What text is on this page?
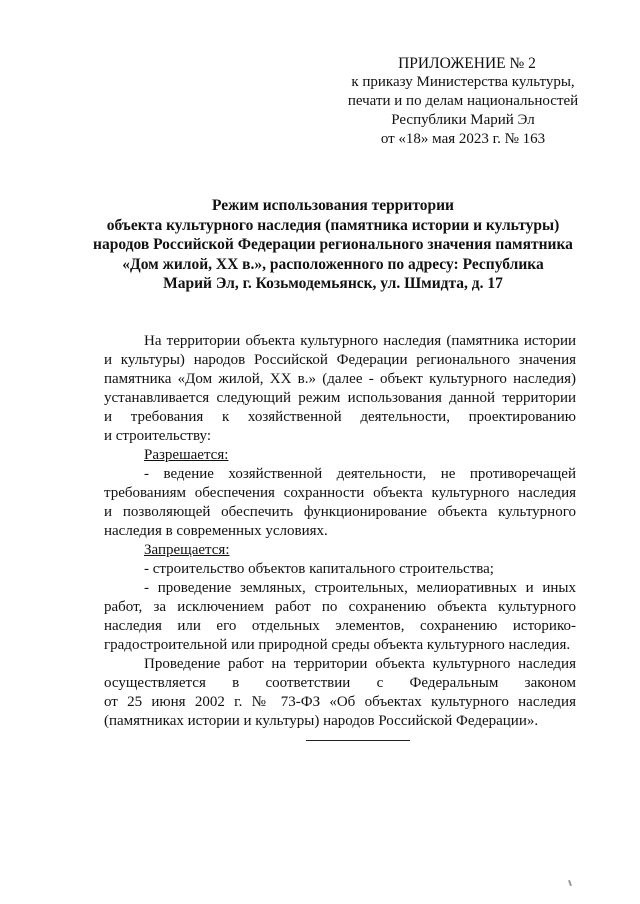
ПРИЛОЖЕНИЕ № 2
к приказу Министерства культуры,
печати и по делам национальностей
Республики Марий Эл
от «18» мая 2023 г. № 163
Режим использования территории
объекта культурного наследия (памятника истории и культуры)
народов Российской Федерации регионального значения памятника
«Дом жилой, XX в.», расположенного по адресу: Республика
Марий Эл, г. Козьмодемьянск, ул. Шмидта, д. 17
На территории объекта культурного наследия (памятника истории
и культуры) народов Российской Федерации регионального значения
памятника «Дом жилой, XX в.» (далее - объект культурного наследия)
устанавливается следующий режим использования данной территории
и требования к хозяйственной деятельности, проектированию
и строительству:
Разрешается:
- ведение хозяйственной деятельности, не противоречащей
требованиям обеспечения сохранности объекта культурного наследия
и позволяющей обеспечить функционирование объекта культурного
наследия в современных условиях.
Запрещается:
- строительство объектов капитального строительства;
- проведение земляных, строительных, мелиоративных и иных
работ, за исключением работ по сохранению объекта культурного
наследия или его отдельных элементов, сохранению историко-
градостроительной или природной среды объекта культурного наследия.
Проведение работ на территории объекта культурного наследия
осуществляется в соответствии с Федеральным законом
от 25 июня 2002 г. № 73-ФЗ «Об объектах культурного наследия
(памятниках истории и культуры) народов Российской Федерации».
